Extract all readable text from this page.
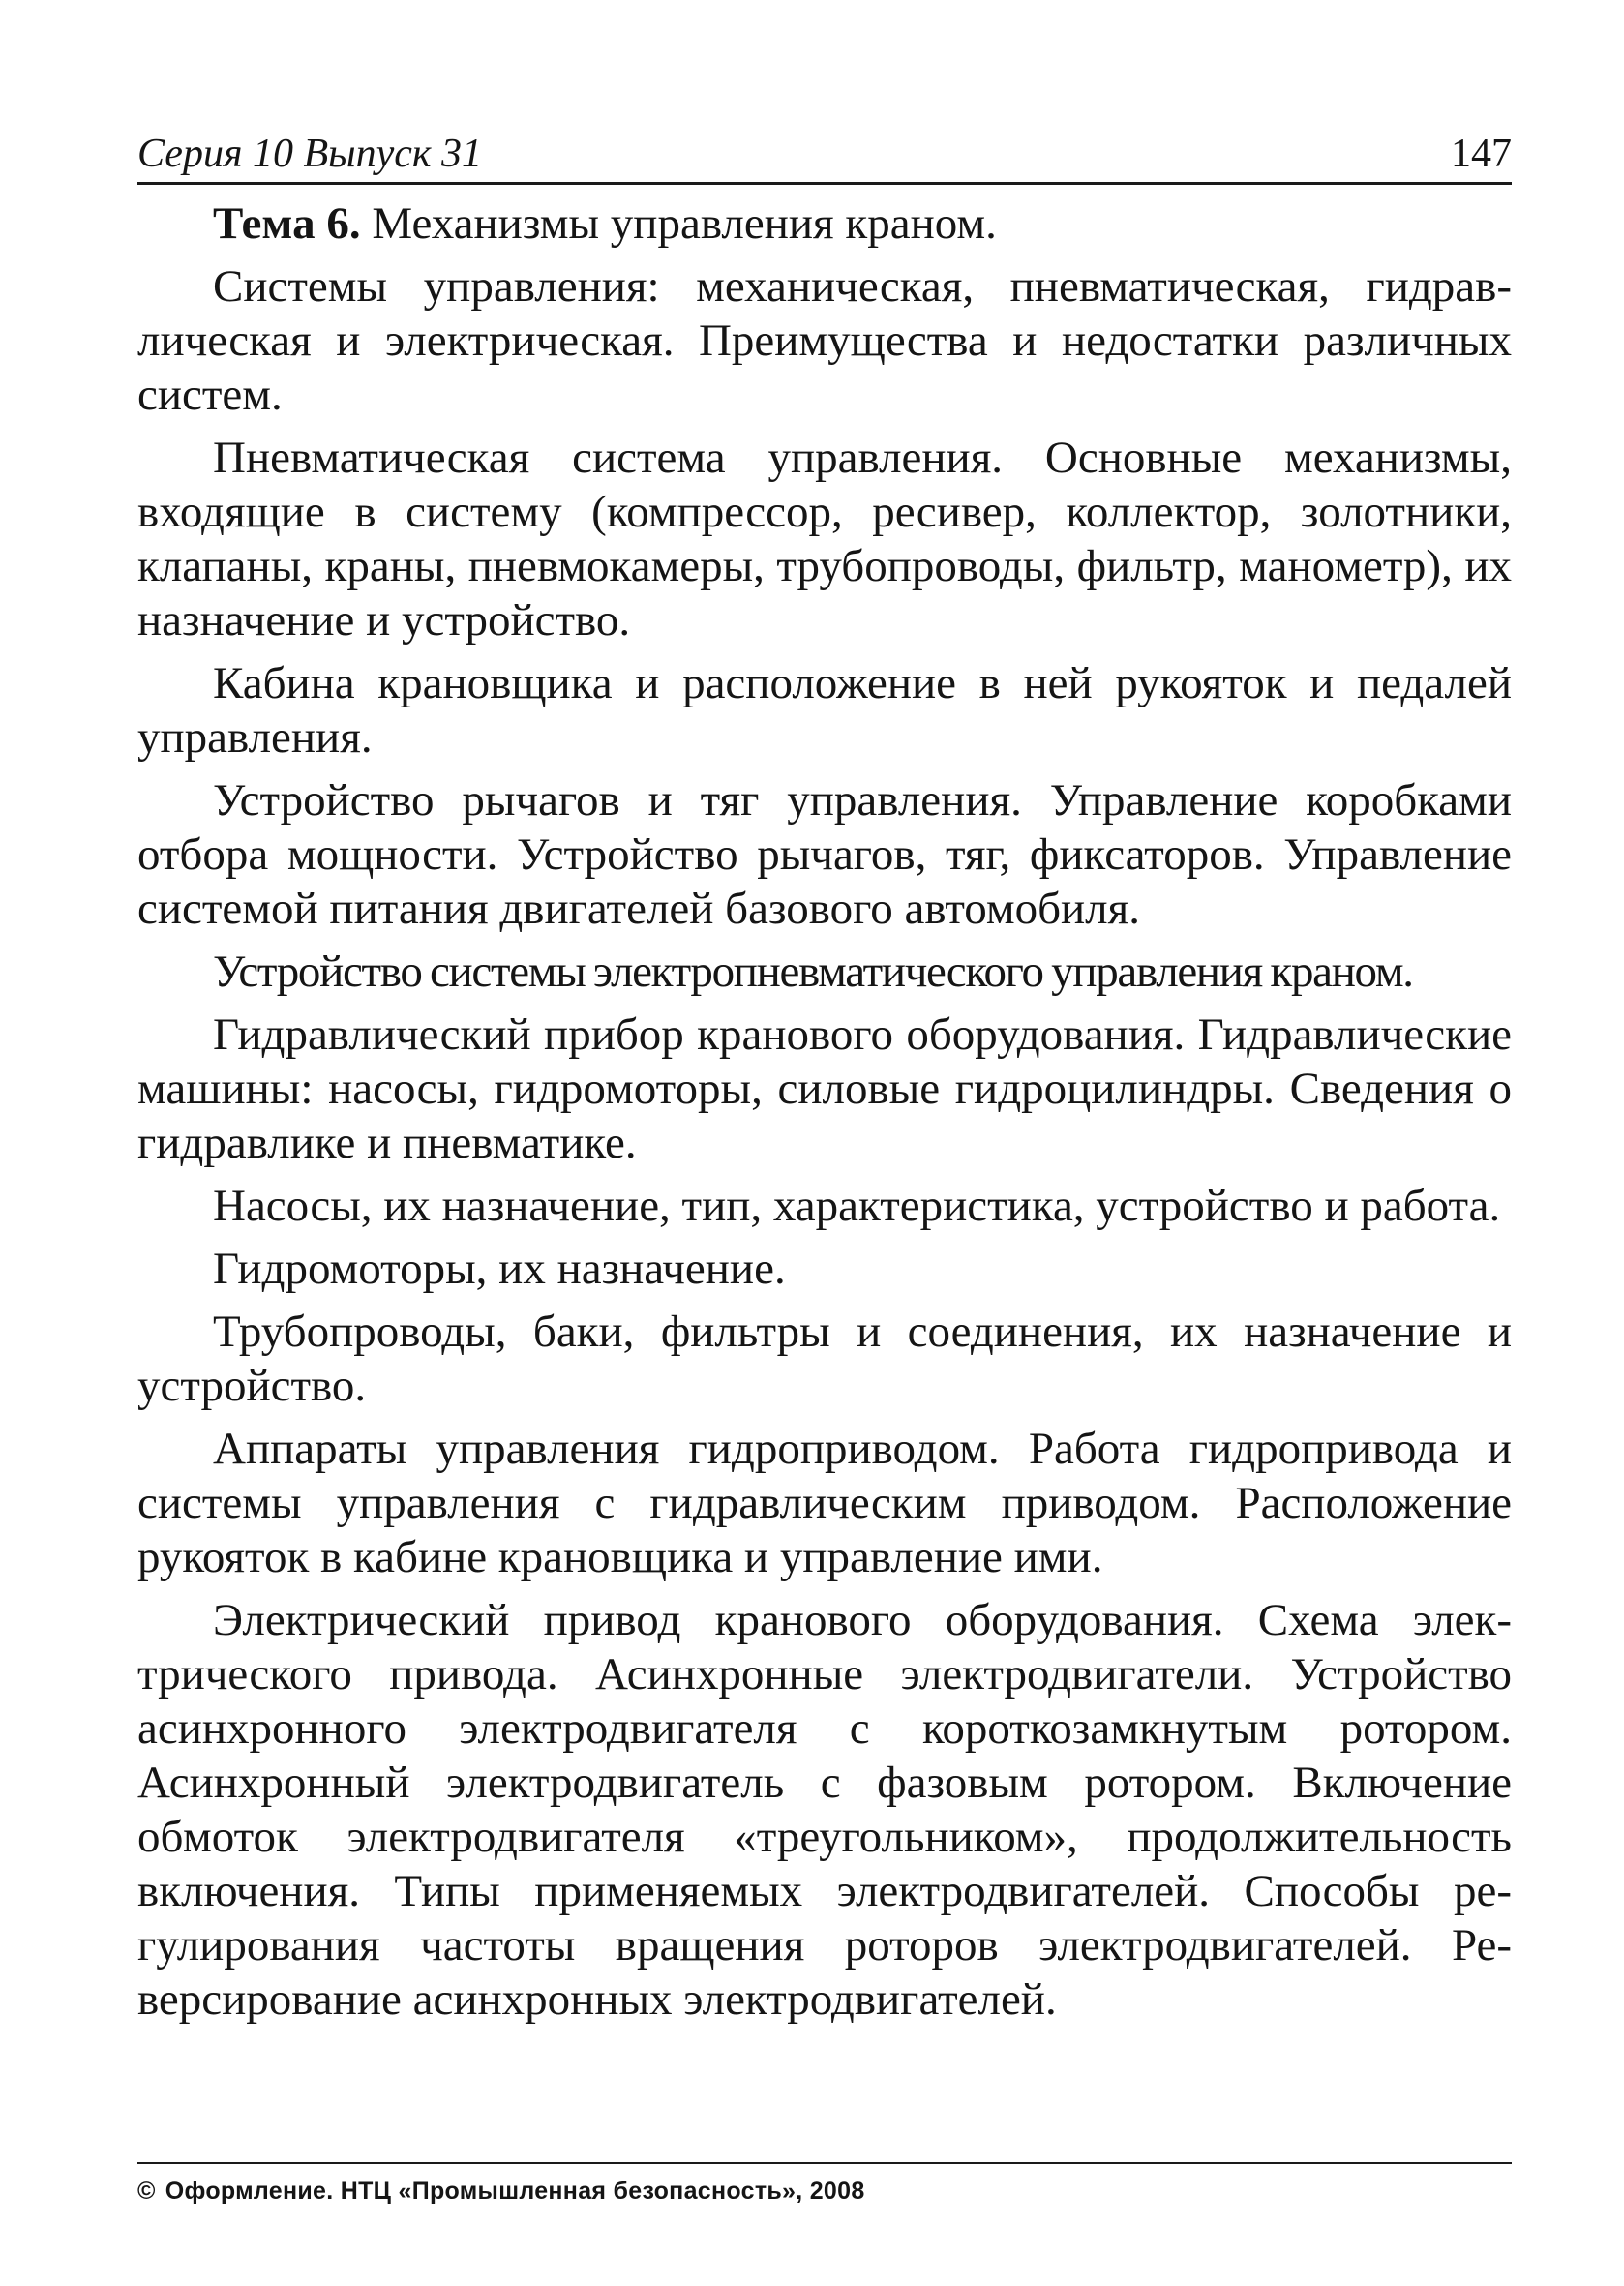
Серия 10 Выпуск 31	147

Тема 6. Механизмы управления краном.

Системы управления: механическая, пневматическая, гидравлическая и электрическая. Преимущества и недостатки различных систем.

Пневматическая система управления. Основные механизмы, входящие в систему (компрессор, ресивер, коллектор, золотники, клапаны, краны, пневмокамеры, трубопроводы, фильтр, манометр), их назначение и устройство.

Кабина крановщика и расположение в ней рукояток и педалей управления.

Устройство рычагов и тяг управления. Управление коробками отбора мощности. Устройство рычагов, тяг, фиксаторов. Управление системой питания двигателей базового автомобиля.

Устройство системы электропневматического управления краном.

Гидравлический прибор кранового оборудования. Гидравлические машины: насосы, гидромоторы, силовые гидроцилиндры. Сведения о гидравлике и пневматике.

Насосы, их назначение, тип, характеристика, устройство и работа.

Гидромоторы, их назначение.

Трубопроводы, баки, фильтры и соединения, их назначение и устройство.

Аппараты управления гидроприводом. Работа гидропривода и системы управления с гидравлическим приводом. Расположение рукояток в кабине крановщика и управление ими.

Электрический привод кранового оборудования. Схема электрического привода. Асинхронные электродвигатели. Устройство асинхронного электродвигателя с короткозамкнутым ротором. Асинхронный электродвигатель с фазовым ротором. Включение обмоток электродвигателя «треугольником», продолжительность включения. Типы применяемых электродвигателей. Способы регулирования частоты вращения роторов электродвигателей. Реверсирование асинхронных электродвигателей.

© Оформление. НТЦ «Промышленная безопасность», 2008
